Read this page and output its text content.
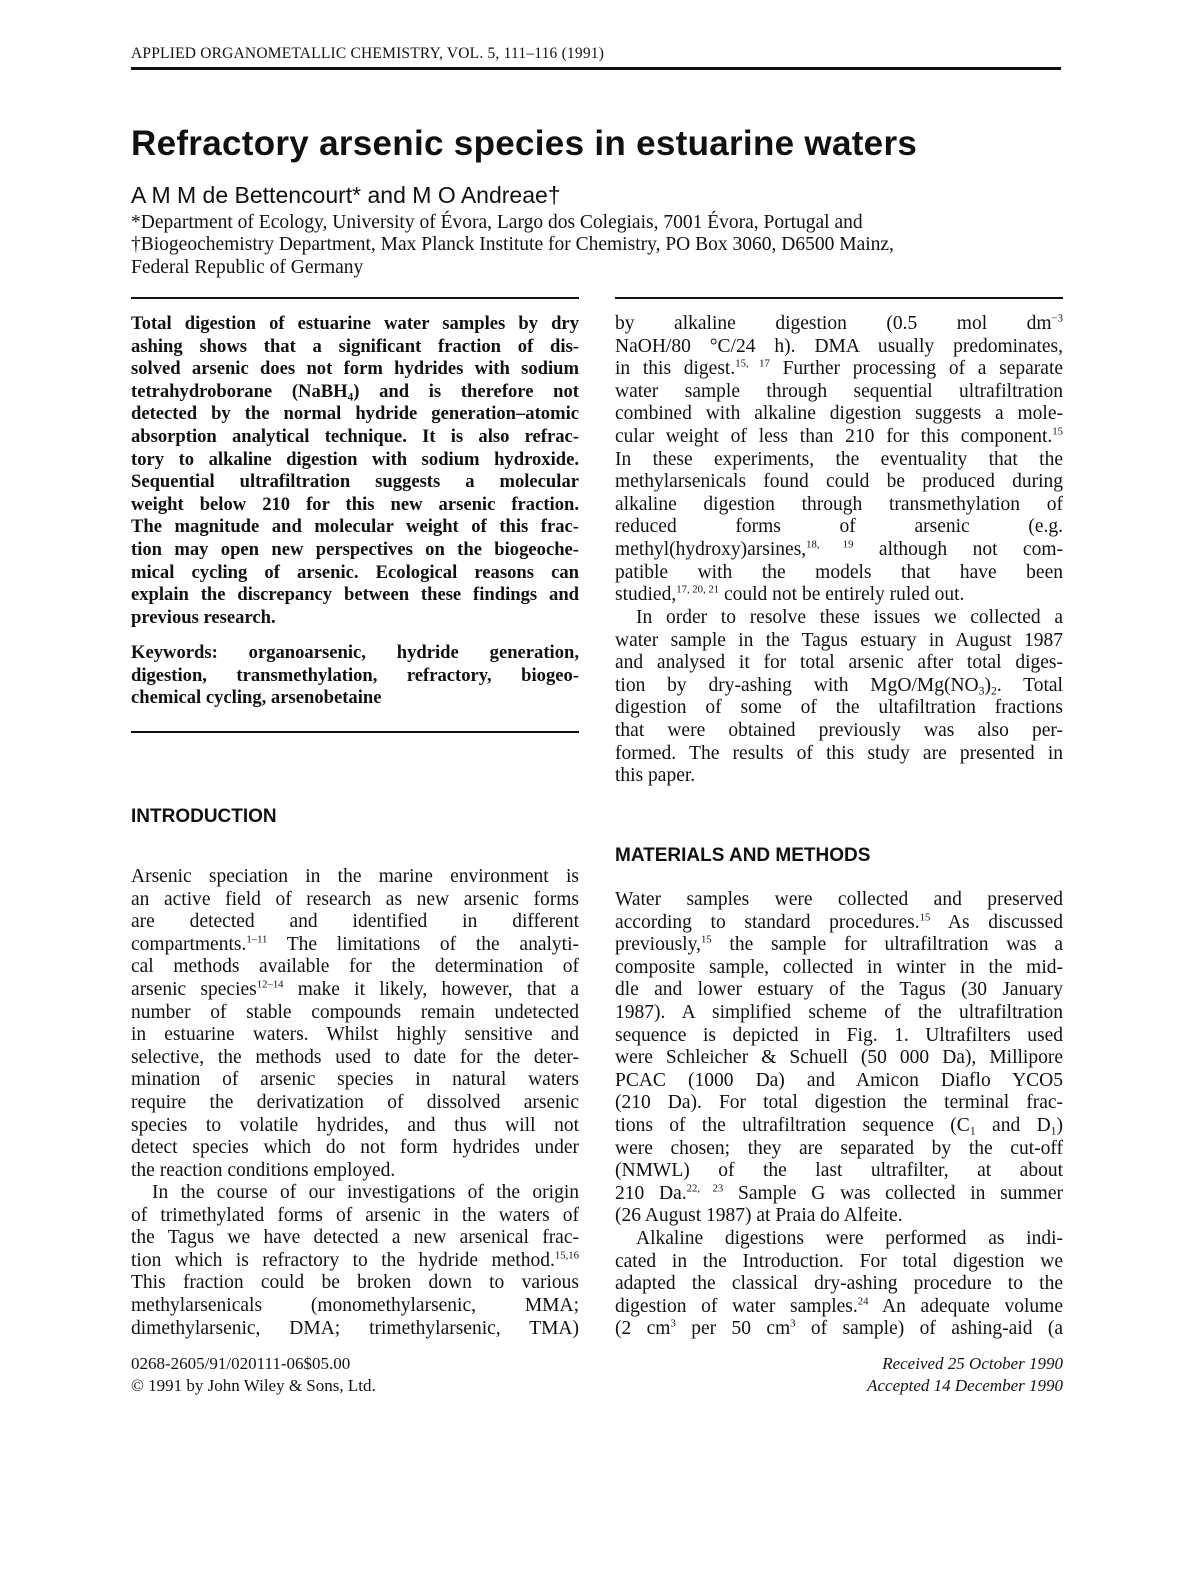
APPLIED ORGANOMETALLIC CHEMISTRY, VOL. 5, 111–116 (1991)
Refractory arsenic species in estuarine waters
A M M de Bettencourt* and M O Andreae†
*Department of Ecology, University of Évora, Largo dos Colegiais, 7001 Évora, Portugal and
†Biogeochemistry Department, Max Planck Institute for Chemistry, PO Box 3060, D6500 Mainz,
Federal Republic of Germany
Total digestion of estuarine water samples by dry
ashing shows that a significant fraction of dis-
solved arsenic does not form hydrides with sodium
tetrahydroborane (NaBH$_4$) and is therefore not
detected by the normal hydride generation–atomic
absorption analytical technique. It is also refrac-
tory to alkaline digestion with sodium hydroxide.
Sequential ultrafiltration suggests a molecular
weight below 210 for this new arsenic fraction.
The magnitude and molecular weight of this frac-
tion may open new perspectives on the biogeoche-
mical cycling of arsenic. Ecological reasons can
explain the discrepancy between these findings and
previous research.
Keywords: organoarsenic, hydride generation,
digestion, transmethylation, refractory, biogeo-
chemical cycling, arsenobetaine
INTRODUCTION
Arsenic speciation in the marine environment is
an active field of research as new arsenic forms
are detected and identified in different
compartments.$^{1-11}$ The limitations of the analyti-
cal methods available for the determination of
arsenic species$^{12-14}$ make it likely, however, that a
number of stable compounds remain undetected
in estuarine waters. Whilst highly sensitive and
selective, the methods used to date for the deter-
mination of arsenic species in natural waters
require the derivatization of dissolved arsenic
species to volatile hydrides, and thus will not
detect species which do not form hydrides under
the reaction conditions employed.
In the course of our investigations of the origin
of trimethylated forms of arsenic in the waters of
the Tagus we have detected a new arsenical frac-
tion which is refractory to the hydride method.$^{15,16}$
This fraction could be broken down to various
methylarsenicals (monomethylarsenic, MMA;
dimethylarsenic, DMA; trimethylarsenic, TMA)
by alkaline digestion (0.5 mol $dm^{-3}$
NaOH/80 °C/24 h). DMA usually predominates,
in this digest.$^{15, 17}$ Further processing of a separate
water sample through sequential ultrafiltration
combined with alkaline digestion suggests a mole-
cular weight of less than 210 for this component.$^{15}$
In these experiments, the eventuality that the
methylarsenicals found could be produced during
alkaline digestion through transmethylation of
reduced forms of arsenic (e.g.
methyl(hydroxy)arsines,$^{18, 19}$ although not com-
patible with the models that have been
studied,$^{17, 20, 21}$ could not be entirely ruled out.
In order to resolve these issues we collected a
water sample in the Tagus estuary in August 1987
and analysed it for total arsenic after total diges-
tion by dry-ashing with MgO/$Mg(NO_3)_2$. Total
digestion of some of the ultafiltration fractions
that were obtained previously was also per-
formed. The results of this study are presented in
this paper.
MATERIALS AND METHODS
Water samples were collected and preserved
according to standard procedures.$^{15}$ As discussed
previously,$^{15}$ the sample for ultrafiltration was a
composite sample, collected in winter in the mid-
dle and lower estuary of the Tagus (30 January
1987). A simplified scheme of the ultrafiltration
sequence is depicted in Fig. 1. Ultrafilters used
were Schleicher & Schuell (50 000 Da), Millipore
PCAC (1000 Da) and Amicon Diaflo YCO5
(210 Da). For total digestion the terminal frac-
tions of the ultrafiltration sequence ($C_1$ and $D_1$)
were chosen; they are separated by the cut-off
(NMWL) of the last ultrafilter, at about
210 Da.$^{22, 23}$ Sample G was collected in summer
(26 August 1987) at Praia do Alfeite.
Alkaline digestions were performed as indi-
cated in the Introduction. For total digestion we
adapted the classical dry-ashing procedure to the
digestion of water samples.$^{24}$ An adequate volume
(2 $cm^3$ per 50 $cm^3$ of sample) of ashing-aid (a
0268-2605/91/020111-06$05.00
© 1991 by John Wiley & Sons, Ltd.
Received 25 October 1990
Accepted 14 December 1990
